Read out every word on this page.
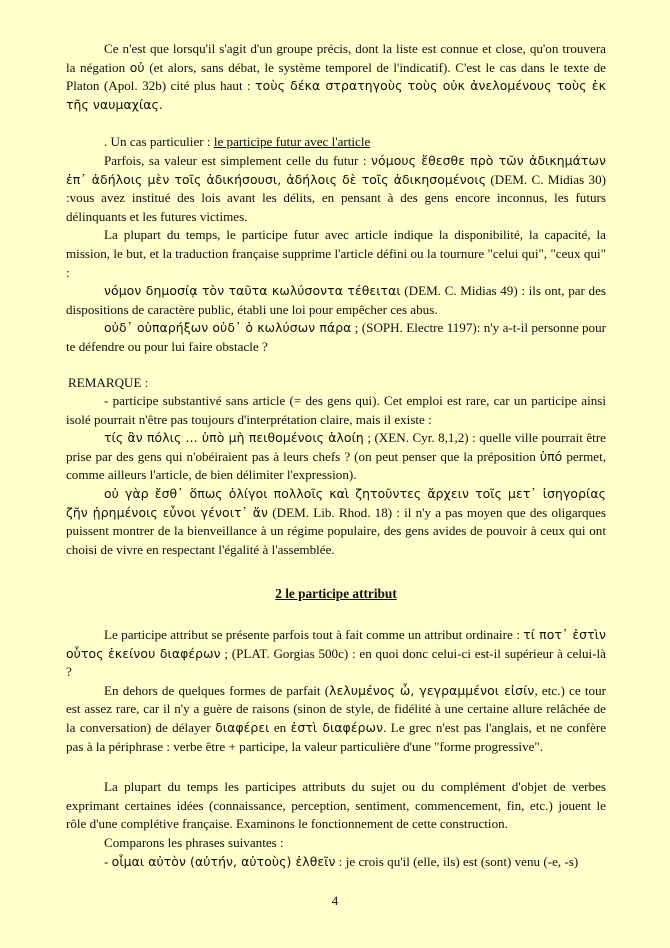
Ce n'est que lorsqu'il s'agit d'un groupe précis, dont la liste est connue et close, qu'on trouvera la négation οὐ (et alors, sans débat, le système temporel de l'indicatif). C'est le cas dans le texte de Platon (Apol. 32b) cité plus haut : τοὺς δέκα στρατηγοὺς τοὺς οὐκ ἀνελομένους τοὺς ἐκ τῆς ναυμαχίας.

. Un cas particulier : le participe futur avec l'article

Parfois, sa valeur est simplement celle du futur : νόμους ἔθεσθε πρὸ τῶν ἀδικημάτων ἐπ᾽ ἀδήλοις μὲν τοῖς ἀδικήσουσι, ἀδήλοις δὲ τοῖς ἀδικησομένοις (DEM. C. Midias 30) :vous avez institué des lois avant les délits, en pensant à des gens encore inconnus, les futurs délinquants et les futures victimes.

La plupart du temps, le participe futur avec article indique la disponibilité, la capacité, la mission, le but, et la traduction française supprime l'article défini ou la tournure "celui qui", "ceux qui" :

νόμον δημοσίᾳ τὸν ταῦτα κωλύσοντα τέθειται (DEM. C. Midias 49) : ils ont, par des dispositions de caractère public, établi une loi pour empêcher ces abus.

οὐδ᾽ οὑπαρήξων οὐδ᾽ ὁ κωλύσων πάρα ; (SOPH. Electre 1197): n'y a-t-il personne pour te défendre ou pour lui faire obstacle ?

REMARQUE :

- participe substantivé sans article (= des gens qui). Cet emploi est rare, car un participe ainsi isolé pourrait n'être pas toujours d'interprétation claire, mais il existe :

τίς ἂν πόλις ... ὑπὸ μὴ πειθομένοις ἁλοίη ; (XEN. Cyr. 8,1,2) : quelle ville pourrait être prise par des gens qui n'obéiraient pas à leurs chefs ? (on peut penser que la préposition ὑπό permet, comme ailleurs l'article, de bien délimiter l'expression).

οὐ γὰρ ἔσθ᾽ ὅπως ὀλίγοι πολλοῖς καὶ ζητοῦντες ἄρχειν τοῖς μετ᾽ ἰσηγορίας ζῆν ᾑρημένοις εὖνοι γένοιτ᾽ ἄν (DEM. Lib. Rhod. 18) : il n'y a pas moyen que des oligarques puissent montrer de la bienveillance à un régime populaire, des gens avides de pouvoir à ceux qui ont choisi de vivre en respectant l'égalité à l'assemblée.

2 le participe attribut

Le participe attribut se présente parfois tout à fait comme un attribut ordinaire : τί ποτ᾽ ἐστὶν οὗτος ἐκείνου διαφέρων ; (PLAT. Gorgias 500c) : en quoi donc celui-ci est-il supérieur à celui-là ?

En dehors de quelques formes de parfait (λελυμένος ὦ, γεγραμμένοι εἰσίν, etc.) ce tour est assez rare, car il n'y a guère de raisons (sinon de style, de fidélité à une certaine allure relâchée de la conversation) de délayer διαφέρει en ἐστὶ διαφέρων. Le grec n'est pas l'anglais, et ne confère pas à la périphrase : verbe être + participe, la valeur particulière d'une "forme progressive".

La plupart du temps les participes attributs du sujet ou du complément d'objet de verbes exprimant certaines idées (connaissance, perception, sentiment, commencement, fin, etc.) jouent le rôle d'une complétive française. Examinons le fonctionnement de cette construction.

Comparons les phrases suivantes :

- οἶμαι αὐτὸν (αὐτήν, αὐτοὺς) ἐλθεῖν : je crois qu'il (elle, ils) est (sont) venu (-e, -s)

4
